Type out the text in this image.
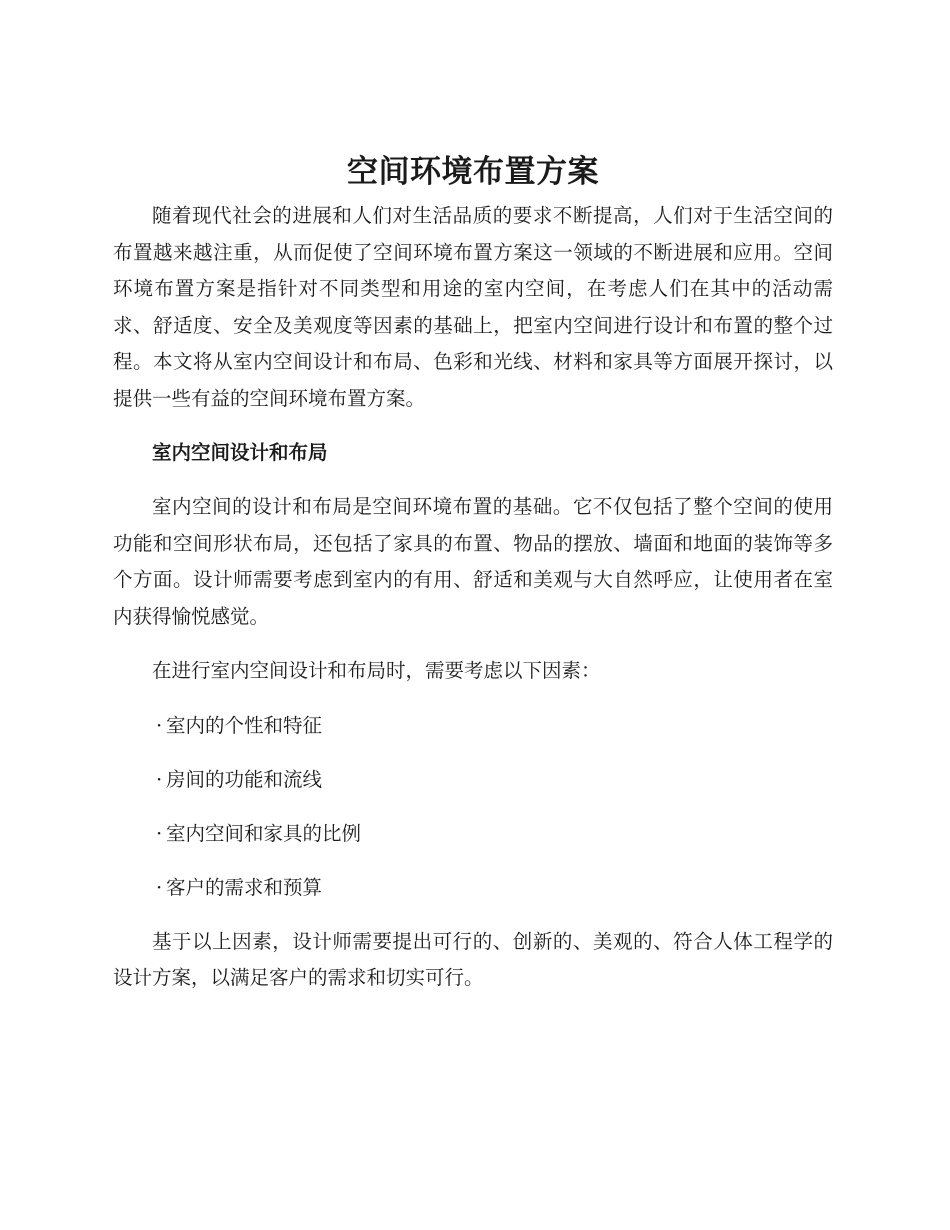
空间环境布置方案

随着现代社会的进展和人们对生活品质的要求不断提高，人们对于生活空间的布置越来越注重，从而促使了空间环境布置方案这一领域的不断进展和应用。空间环境布置方案是指针对不同类型和用途的室内空间，在考虑人们在其中的活动需求、舒适度、安全及美观度等因素的基础上，把室内空间进行设计和布置的整个过程。本文将从室内空间设计和布局、色彩和光线、材料和家具等方面展开探讨，以提供一些有益的空间环境布置方案。

室内空间设计和布局

室内空间的设计和布局是空间环境布置的基础。它不仅包括了整个空间的使用功能和空间形状布局，还包括了家具的布置、物品的摆放、墙面和地面的装饰等多个方面。设计师需要考虑到室内的有用、舒适和美观与大自然呼应，让使用者在室内获得愉悦感觉。

在进行室内空间设计和布局时，需要考虑以下因素：

· 室内的个性和特征
· 房间的功能和流线
· 室内空间和家具的比例
· 客户的需求和预算

基于以上因素，设计师需要提出可行的、创新的、美观的、符合人体工程学的设计方案，以满足客户的需求和切实可行。
